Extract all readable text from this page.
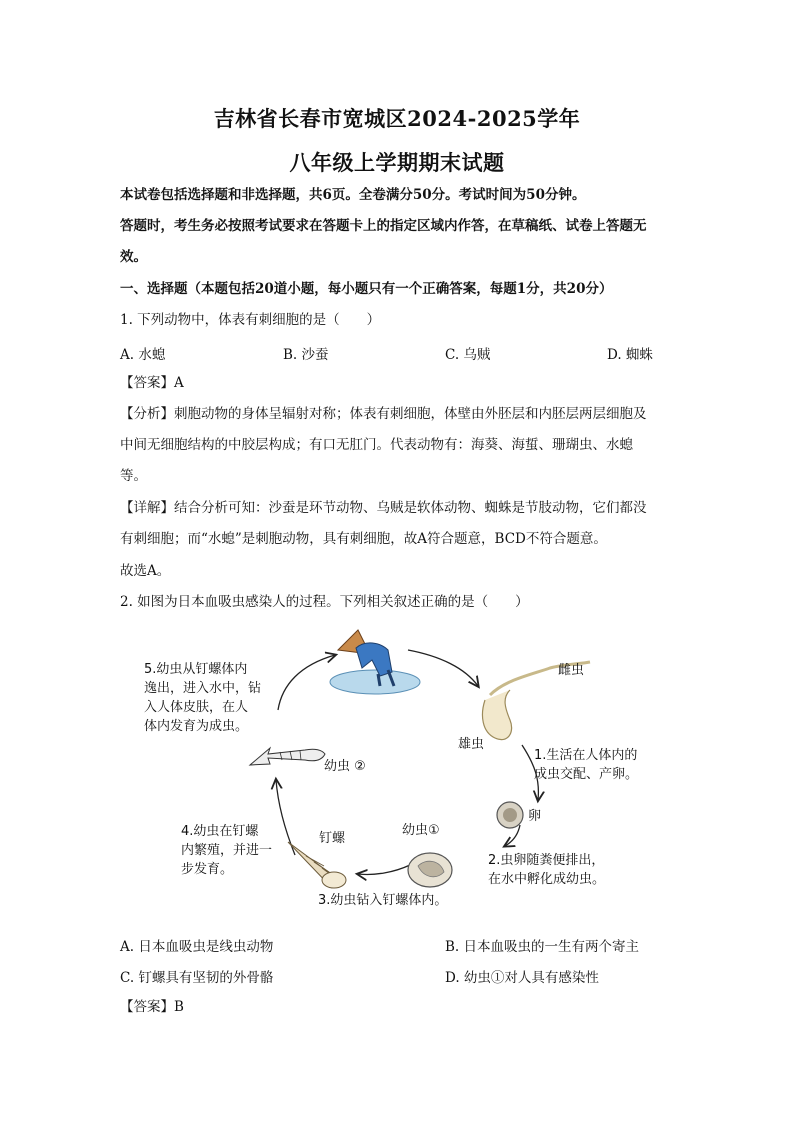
吉林省长春市宽城区2024-2025学年
八年级上学期期末试题
本试卷包括选择题和非选择题，共6页。全卷满分50分。考试时间为50分钟。
答题时，考生务必按照考试要求在答题卡上的指定区域内作答，在草稿纸、试卷上答题无
效。
一、选择题（本题包括20道小题，每小题只有一个正确答案，每题1分，共20分）
1. 下列动物中，体表有刺细胞的是（　　）
A. 水螅	B. 沙蚕	C. 乌贼	D. 蜘蛛
【答案】A
【分析】刺胞动物的身体呈辐射对称；体表有刺细胞，体壁由外胚层和内胚层两层细胞及
中间无细胞结构的中胶层构成；有口无肛门。代表动物有：海葵、海蜇、珊瑚虫、水螅
等。
【详解】结合分析可知：沙蚕是环节动物、乌贼是软体动物、蜘蛛是节肢动物，它们都没
有刺细胞；而“水螅”是刺胞动物，具有刺细胞，故A符合题意，BCD不符合题意。
故选A。
2. 如图为日本血吸虫感染人的过程。下列相关叙述正确的是（　　）
雌虫
雄虫
1.生活在人体内的
成虫交配、产卵。
卵
2.虫卵随粪便排出，
在水中孵化成幼虫。
幼虫①
3.幼虫钻入钉螺体内。
钉螺
4.幼虫在钉螺
内繁殖，并进一
步发育。
幼虫 ②
5.幼虫从钉螺体内
逸出，进入水中，钻
入人体皮肤，在人
体内发育为成虫。
A. 日本血吸虫是线虫动物	B. 日本血吸虫的一生有两个寄主
C. 钉螺具有坚韧的外骨骼	D. 幼虫①对人具有感染性
【答案】B
